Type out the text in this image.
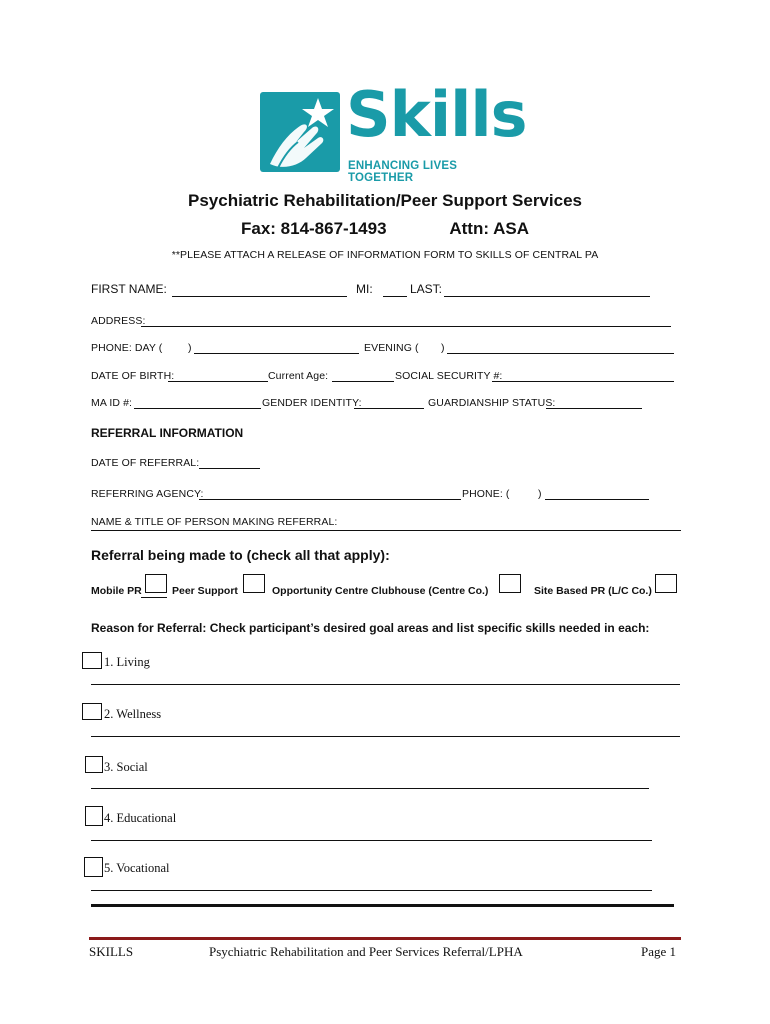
Skills
ENHANCING LIVES TOGETHER
Psychiatric Rehabilitation/Peer Support Services
Fax: 814-867-1493	Attn: ASA
**PLEASE ATTACH A RELEASE OF INFORMATION FORM TO SKILLS OF CENTRAL PA
FIRST NAME:	MI:	LAST:
ADDRESS:
PHONE: DAY ( )	EVENING ( )
DATE OF BIRTH:	Current Age:	SOCIAL SECURITY #:
MA ID #:	GENDER IDENTITY:	GUARDIANSHIP STATUS:
REFERRAL INFORMATION
DATE OF REFERRAL:
REFERRING AGENCY:	PHONE: (	)
NAME & TITLE OF PERSON MAKING REFERRAL:
Referral being made to (check all that apply):
Mobile PR	Peer Support	Opportunity Centre Clubhouse (Centre Co.)	Site Based PR (L/C Co.)
Reason for Referral: Check participant’s desired goal areas and list specific skills needed in each:
1. Living
2. Wellness
3. Social
4. Educational
5. Vocational
SKILLS	Psychiatric Rehabilitation and Peer Services Referral/LPHA	Page 1
